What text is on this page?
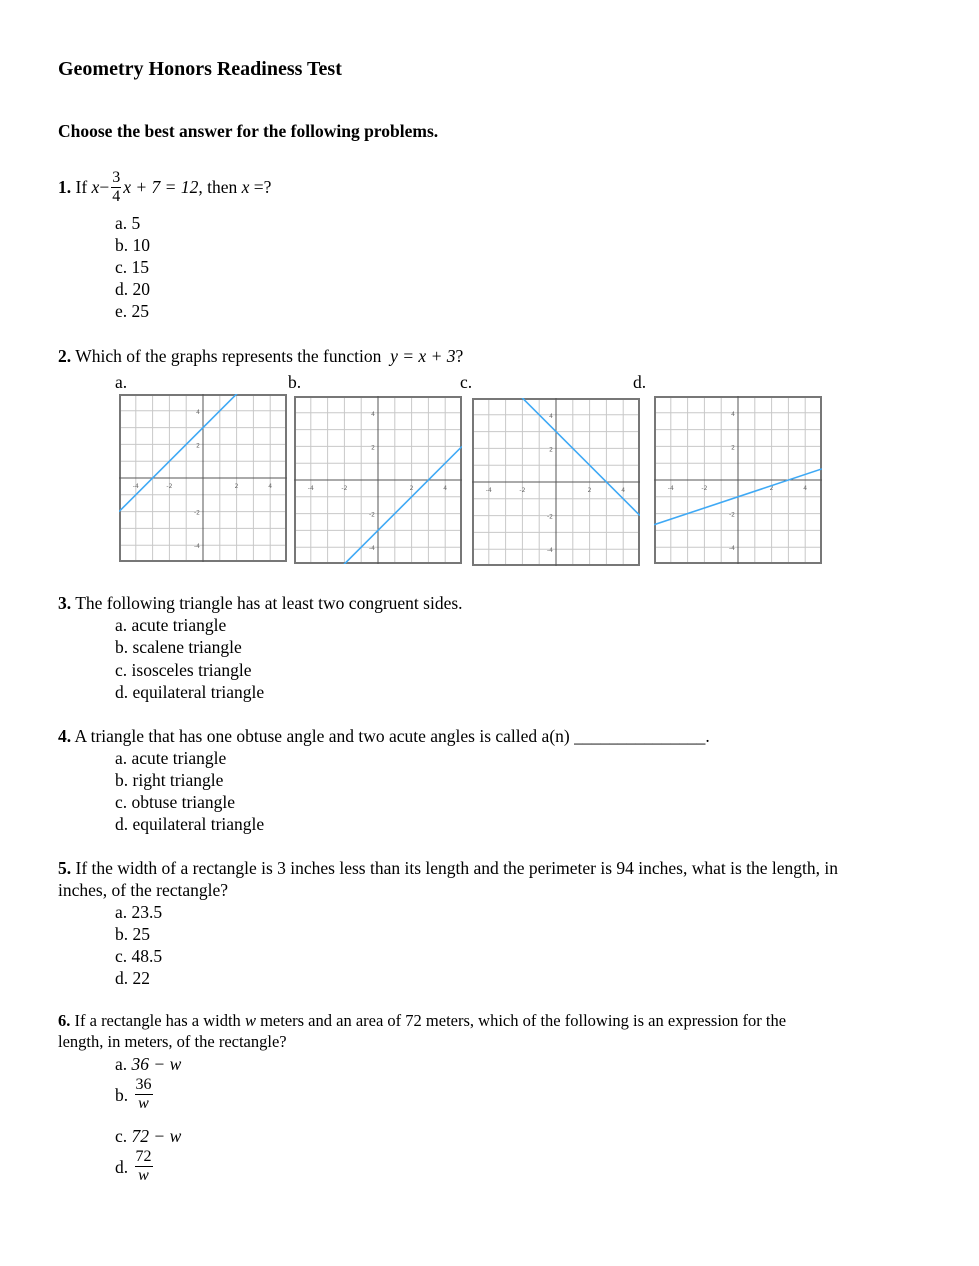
Geometry Honors Readiness Test
Choose the best answer for the following problems.
1.
If
$x - \frac{3}{4}$ x + 7 = 12,
then
x
=?
a. 5
b. 10
c. 15
d. 20
e. 25
2. Which of the graphs represents the function y = x + 3?
a.	b.	c.	d.
4
2
-4	-2	2	4
-2
-4
4
2
-4	-2	2	4
-2
-4
4
2
-4	-2	2	4
-2
-4
4
2
-4	-2	2	4
-2
-4
3. The following triangle has at least two congruent sides.
a. acute triangle
b. scalene triangle
c. isosceles triangle
d. equilateral triangle
4. A triangle that has one obtuse angle and two acute angles is called a(n) _______________.
a. acute triangle
b. right triangle
c. obtuse triangle
d. equilateral triangle
5. If the width of a rectangle is 3 inches less than its length and the perimeter is 94 inches, what is the length, in
inches, of the rectangle?
a. 23.5
b. 25
c. 48.5
d. 22
6. If a rectangle has a width w meters and an area of 72 meters, which of the following is an expression for the
length, in meters, of the rectangle?
a. 36 − w
b.
$\frac{36}{w}$
c. 72 − w
d.
$\frac{72}{w}$
